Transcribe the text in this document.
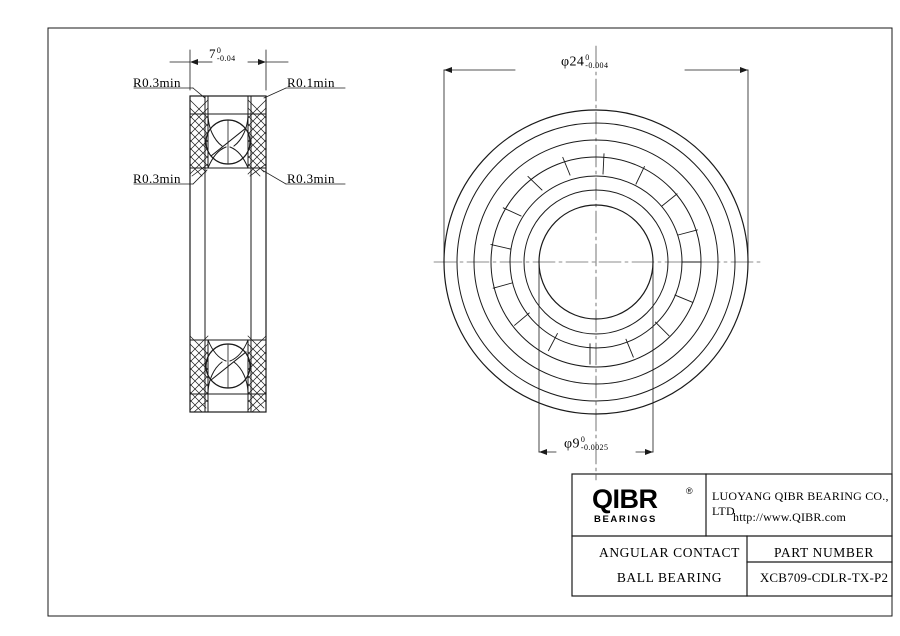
7 0
-0.04
R0.3min	R0.1min
R0.3min	R0.3min
φ24 0
-0.004
φ9 0
-0.0025
QIBR	®
BEARINGS
LUOYANG QIBR BEARING CO., LTD
http://www.QIBR.com
ANGULAR CONTACT
BALL BEARING
PART NUMBER
XCB709-CDLR-TX-P2
